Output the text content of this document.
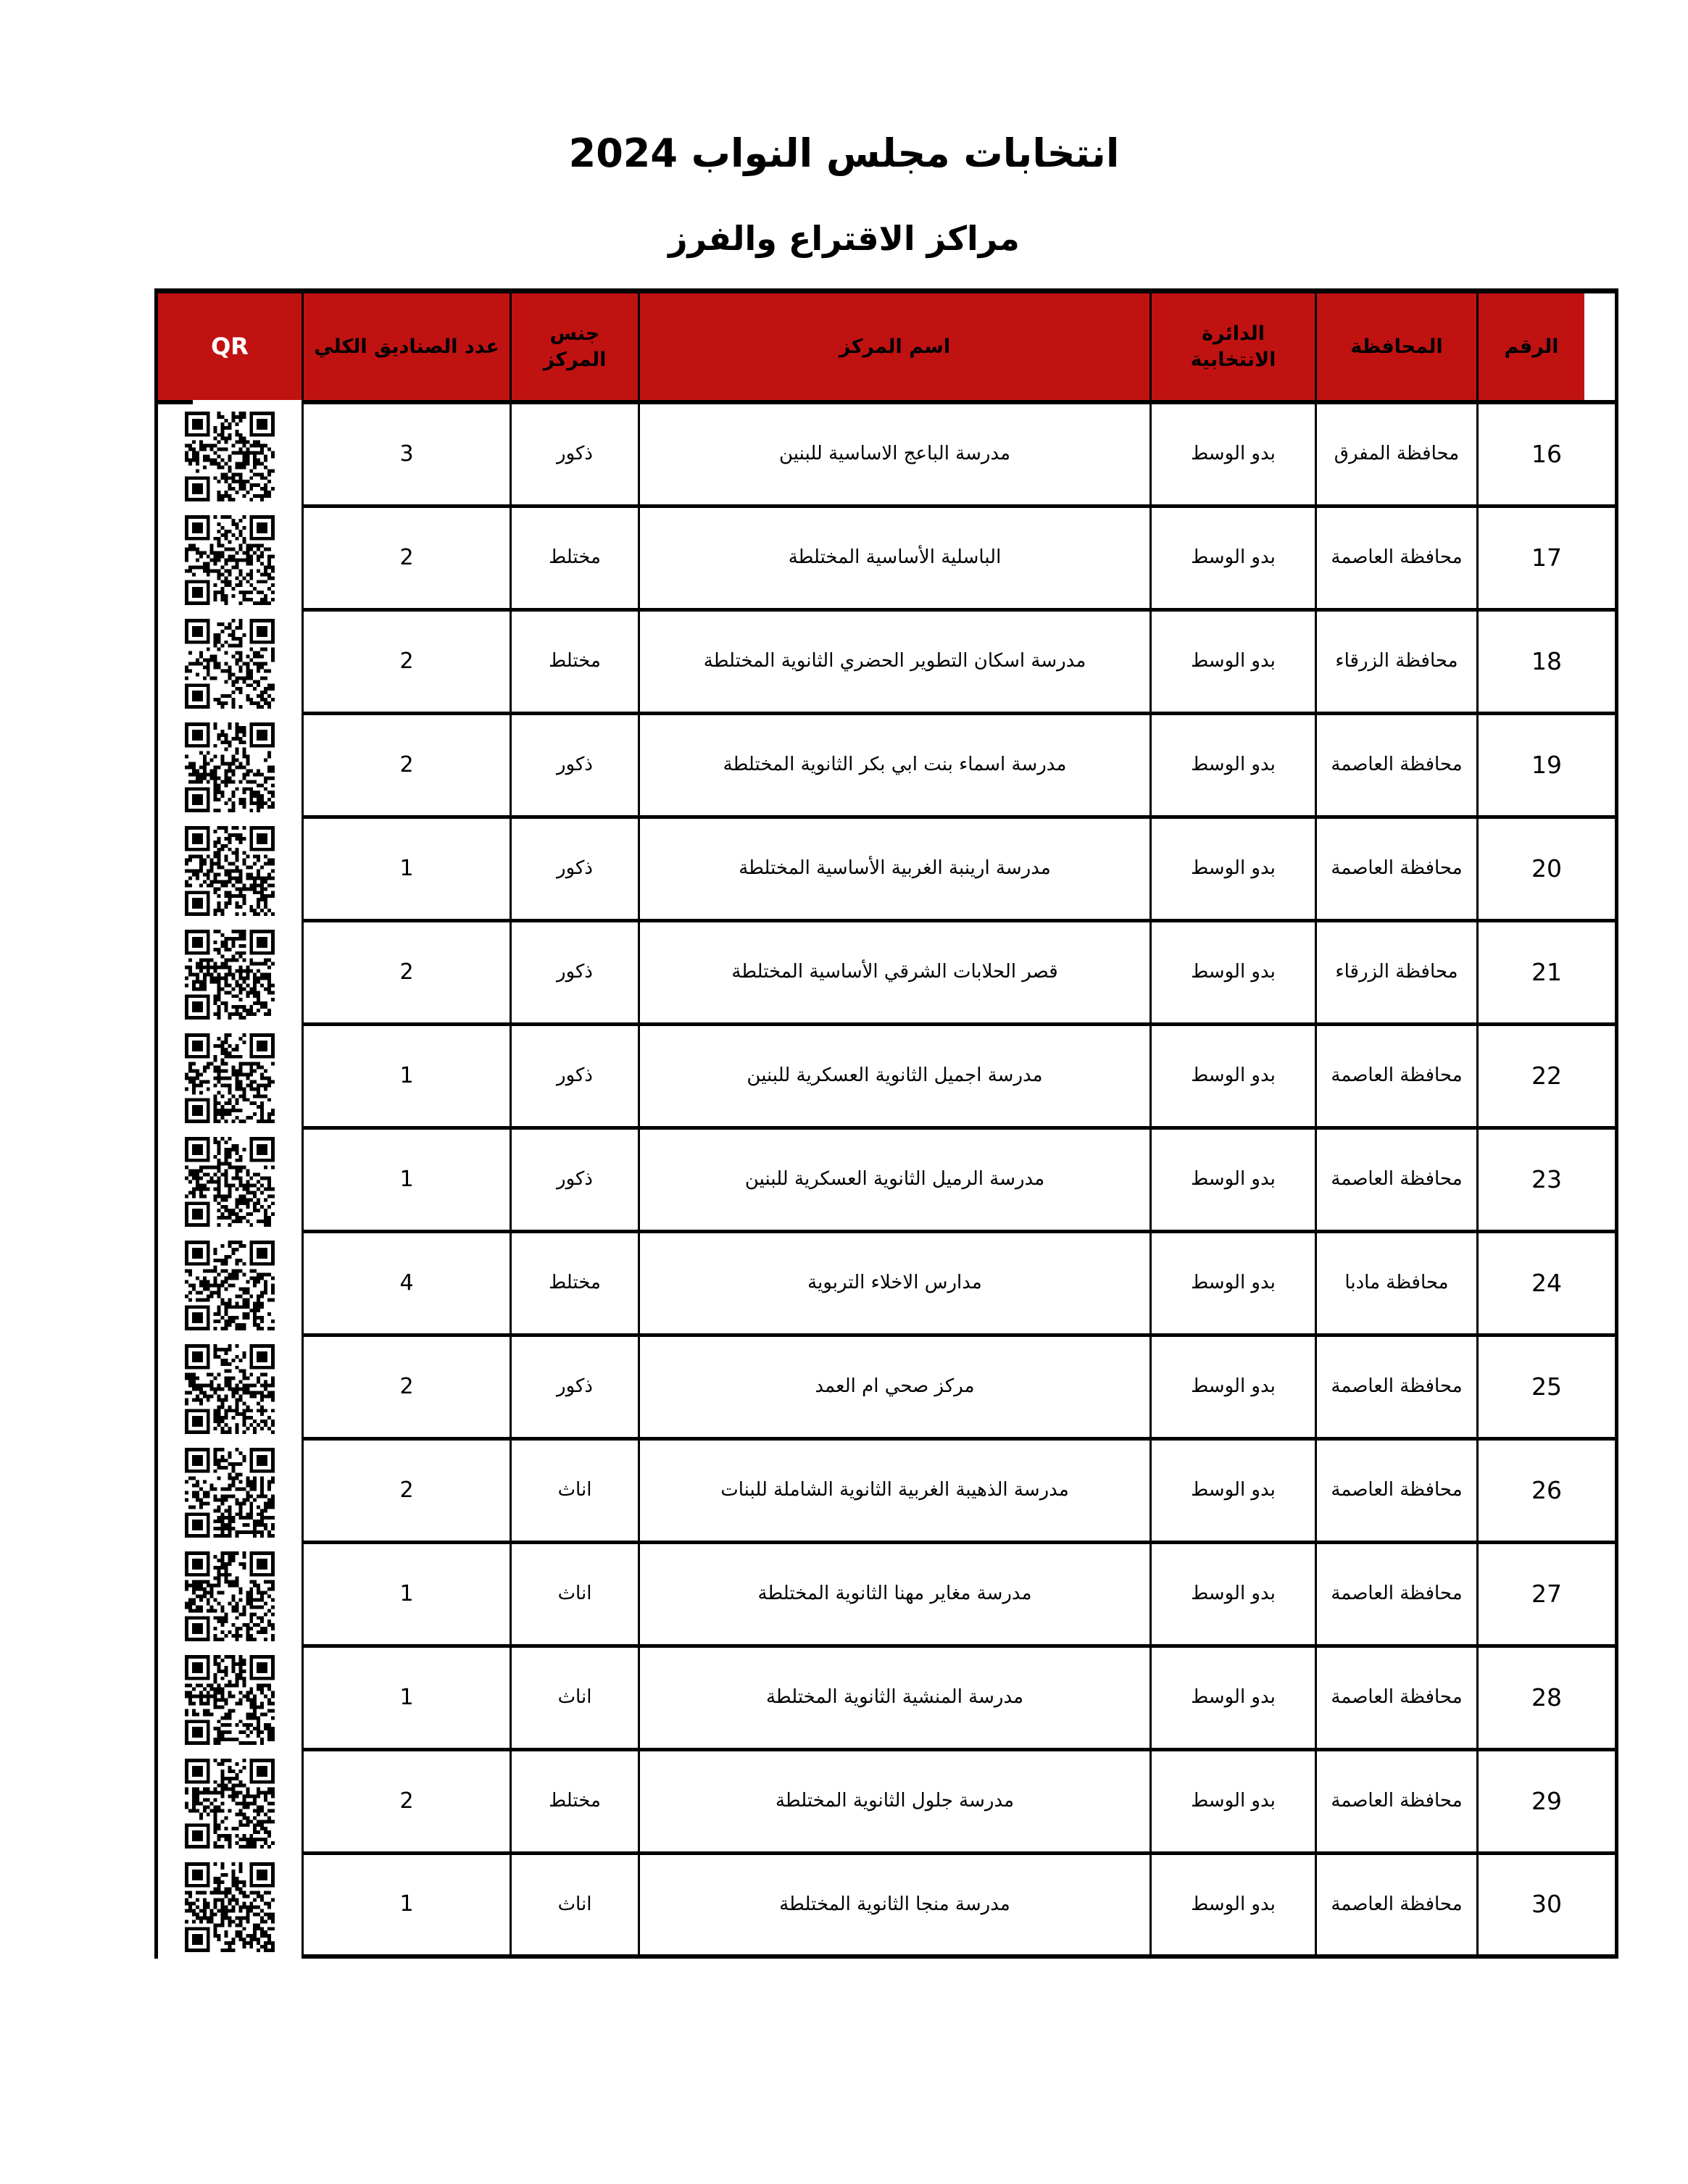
انتخابات مجلس النواب 2024
مراكز الاقتراع والفرز
الرقم
المحافظة
الدائرة الانتخابية
اسم المركز
جنس المركز
عدد الصناديق الكلي
QR
16
محافظة المفرق
بدو الوسط
مدرسة الباعج الاساسية للبنين
ذكور
3
17
محافظة العاصمة
بدو الوسط
الباسلية الأساسية المختلطة
مختلط
2
18
محافظة الزرقاء
بدو الوسط
مدرسة اسكان التطوير الحضري الثانوية المختلطة
مختلط
2
19
محافظة العاصمة
بدو الوسط
مدرسة اسماء بنت ابي بكر الثانوية المختلطة
ذكور
2
20
محافظة العاصمة
بدو الوسط
مدرسة ارينبة الغربية الأساسية المختلطة
ذكور
1
21
محافظة الزرقاء
بدو الوسط
قصر الحلابات الشرقي الأساسية المختلطة
ذكور
2
22
محافظة العاصمة
بدو الوسط
مدرسة اجميل الثانوية العسكرية للبنين
ذكور
1
23
محافظة العاصمة
بدو الوسط
مدرسة الرميل الثانوية العسكرية للبنين
ذكور
1
24
محافظة مادبا
بدو الوسط
مدارس الاخلاء التربوية
مختلط
4
25
محافظة العاصمة
بدو الوسط
مركز صحي ام العمد
ذكور
2
26
محافظة العاصمة
بدو الوسط
مدرسة الذهيبة الغربية الثانوية الشاملة للبنات
اناث
2
27
محافظة العاصمة
بدو الوسط
مدرسة مغاير مهنا الثانوية المختلطة
اناث
1
28
محافظة العاصمة
بدو الوسط
مدرسة المنشية الثانوية المختلطة
اناث
1
29
محافظة العاصمة
بدو الوسط
مدرسة جلول الثانوية المختلطة
مختلط
2
30
محافظة العاصمة
بدو الوسط
مدرسة منجا الثانوية المختلطة
اناث
1
